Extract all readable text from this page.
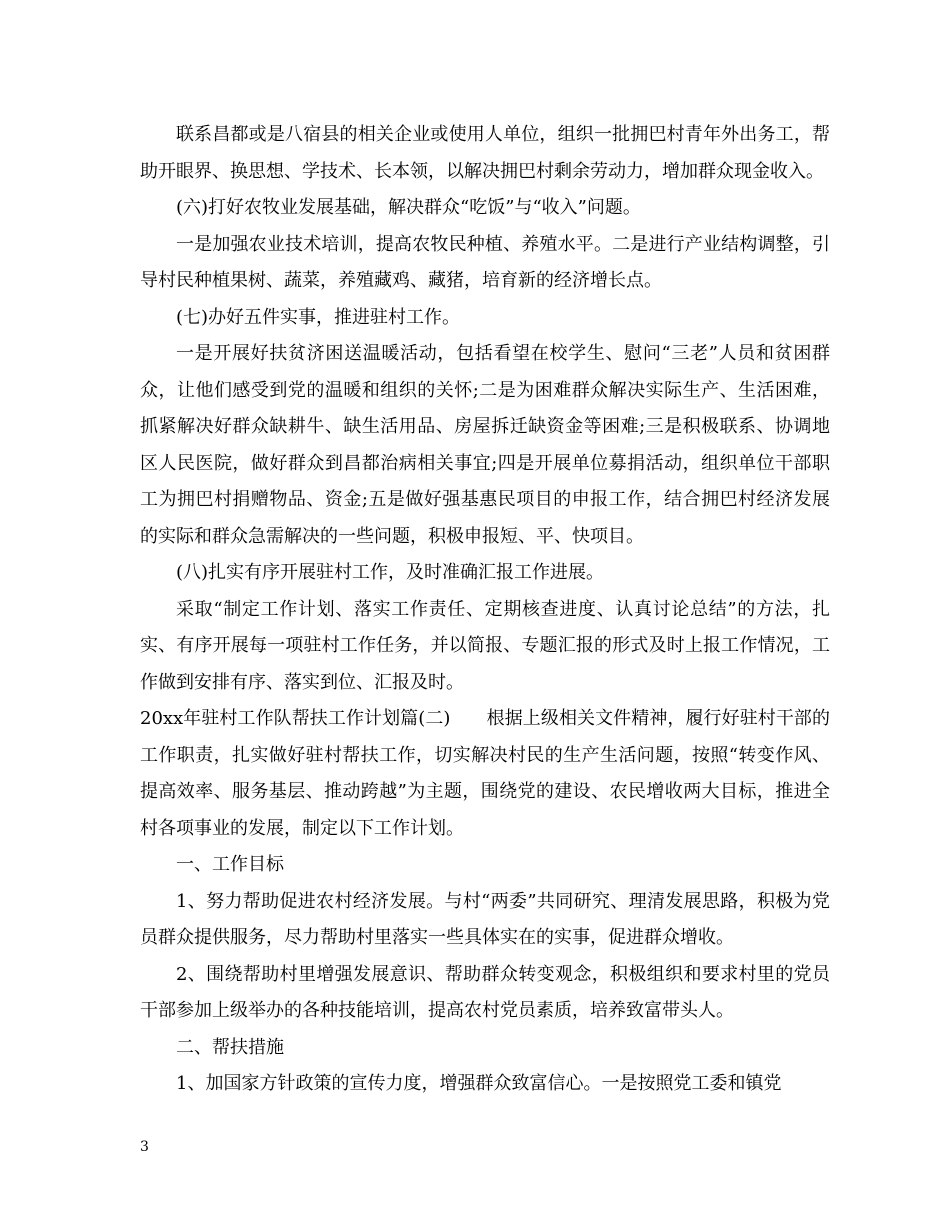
联系昌都或是八宿县的相关企业或使用人单位，组织一批拥巴村青年外出务工，帮助开眼界、换思想、学技术、长本领，以解决拥巴村剩余劳动力，增加群众现金收入。

(六)打好农牧业发展基础，解决群众“吃饭”与“收入”问题。

一是加强农业技术培训，提高农牧民种植、养殖水平。二是进行产业结构调整，引导村民种植果树、蔬菜，养殖藏鸡、藏猪，培育新的经济增长点。

(七)办好五件实事，推进驻村工作。

一是开展好扶贫济困送温暖活动，包括看望在校学生、慰问“三老”人员和贫困群众，让他们感受到党的温暖和组织的关怀;二是为困难群众解决实际生产、生活困难，抓紧解决好群众缺耕牛、缺生活用品、房屋拆迁缺资金等困难;三是积极联系、协调地区人民医院，做好群众到昌都治病相关事宜;四是开展单位募捐活动，组织单位干部职工为拥巴村捐赠物品、资金;五是做好强基惠民项目的申报工作，结合拥巴村经济发展的实际和群众急需解决的一些问题，积极申报短、平、快项目。

(八)扎实有序开展驻村工作，及时准确汇报工作进展。

采取“制定工作计划、落实工作责任、定期核查进度、认真讨论总结”的方法，扎实、有序开展每一项驻村工作任务，并以简报、专题汇报的形式及时上报工作情况，工作做到安排有序、落实到位、汇报及时。

20xx年驻村工作队帮扶工作计划篇(二)　　根据上级相关文件精神，履行好驻村干部的工作职责，扎实做好驻村帮扶工作，切实解决村民的生产生活问题，按照“转变作风、提高效率、服务基层、推动跨越”为主题，围绕党的建设、农民增收两大目标，推进全村各项事业的发展，制定以下工作计划。

一、工作目标

1、努力帮助促进农村经济发展。与村“两委”共同研究、理清发展思路，积极为党员群众提供服务，尽力帮助村里落实一些具体实在的实事，促进群众增收。

2、围绕帮助村里增强发展意识、帮助群众转变观念，积极组织和要求村里的党员干部参加上级举办的各种技能培训，提高农村党员素质，培养致富带头人。

二、帮扶措施

1、加国家方针政策的宣传力度，增强群众致富信心。一是按照党工委和镇党

3
